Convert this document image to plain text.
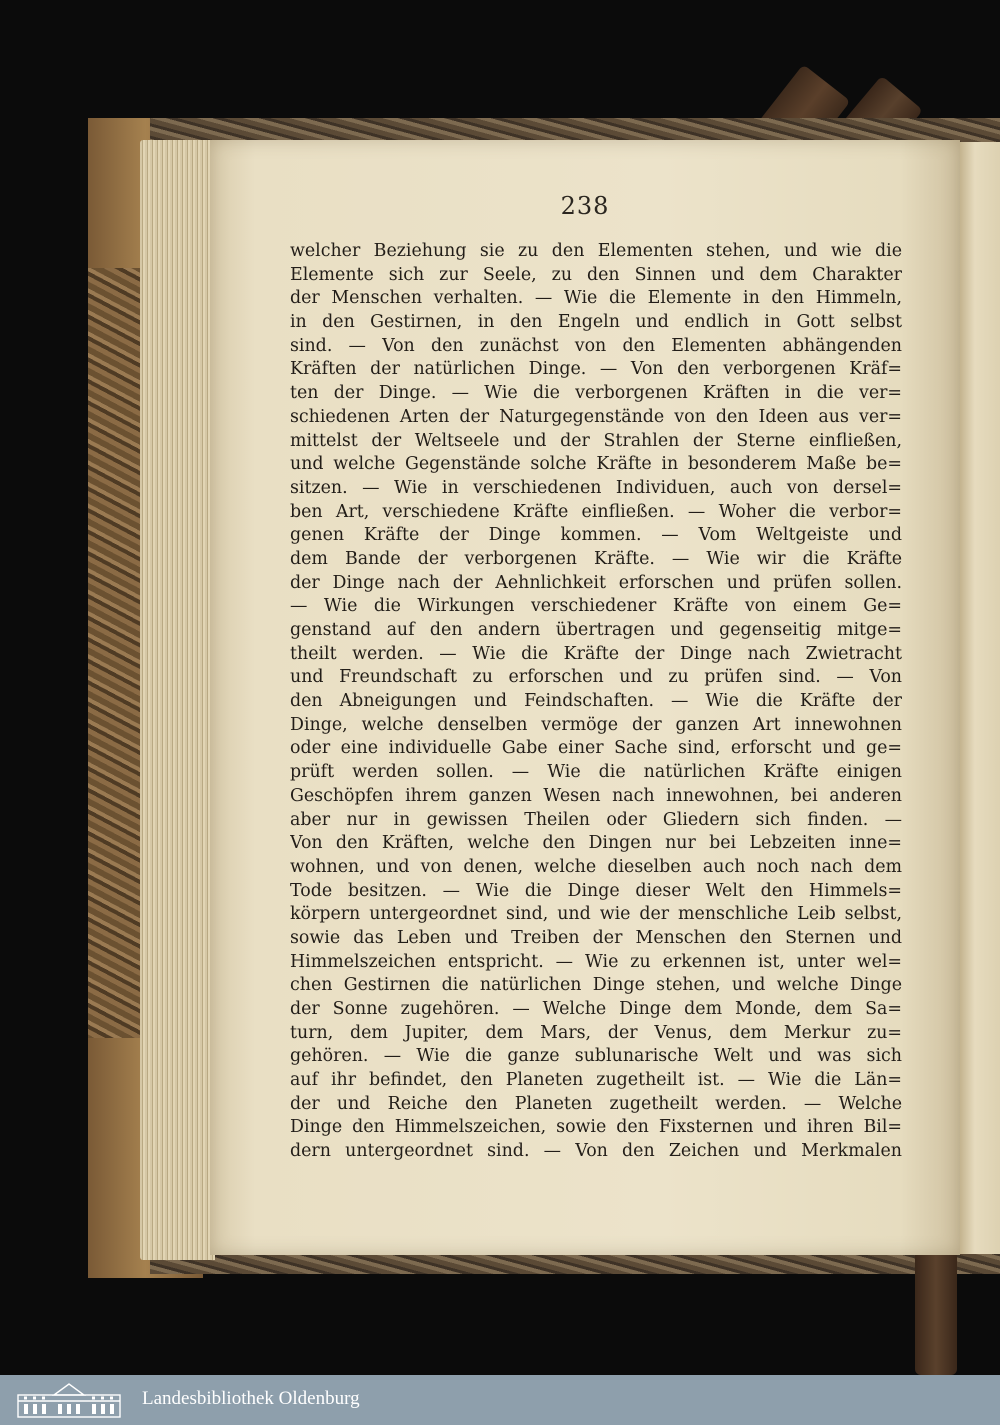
238
welcher Beziehung sie zu den Elementen stehen, und wie die
Elemente sich zur Seele, zu den Sinnen und dem Charakter
der Menschen verhalten. — Wie die Elemente in den Himmeln,
in den Gestirnen, in den Engeln und endlich in Gott selbst
sind. — Von den zunächst von den Elementen abhängenden
Kräften der natürlichen Dinge. — Von den verborgenen Kräf=
ten der Dinge. — Wie die verborgenen Kräften in die ver=
schiedenen Arten der Naturgegenstände von den Ideen aus ver=
mittelst der Weltseele und der Strahlen der Sterne einfließen,
und welche Gegenstände solche Kräfte in besonderem Maße be=
sitzen. — Wie in verschiedenen Individuen, auch von dersel=
ben Art, verschiedene Kräfte einfließen. — Woher die verbor=
genen Kräfte der Dinge kommen. — Vom Weltgeiste und
dem Bande der verborgenen Kräfte. — Wie wir die Kräfte
der Dinge nach der Aehnlichkeit erforschen und prüfen sollen.
— Wie die Wirkungen verschiedener Kräfte von einem Ge=
genstand auf den andern übertragen und gegenseitig mitge=
theilt werden. — Wie die Kräfte der Dinge nach Zwietracht
und Freundschaft zu erforschen und zu prüfen sind. — Von
den Abneigungen und Feindschaften. — Wie die Kräfte der
Dinge, welche denselben vermöge der ganzen Art innewohnen
oder eine individuelle Gabe einer Sache sind, erforscht und ge=
prüft werden sollen. — Wie die natürlichen Kräfte einigen
Geschöpfen ihrem ganzen Wesen nach innewohnen, bei anderen
aber nur in gewissen Theilen oder Gliedern sich finden. —
Von den Kräften, welche den Dingen nur bei Lebzeiten inne=
wohnen, und von denen, welche dieselben auch noch nach dem
Tode besitzen. — Wie die Dinge dieser Welt den Himmels=
körpern untergeordnet sind, und wie der menschliche Leib selbst,
sowie das Leben und Treiben der Menschen den Sternen und
Himmelszeichen entspricht. — Wie zu erkennen ist, unter wel=
chen Gestirnen die natürlichen Dinge stehen, und welche Dinge
der Sonne zugehören. — Welche Dinge dem Monde, dem Sa=
turn, dem Jupiter, dem Mars, der Venus, dem Merkur zu=
gehören. — Wie die ganze sublunarische Welt und was sich
auf ihr befindet, den Planeten zugetheilt ist. — Wie die Län=
der und Reiche den Planeten zugetheilt werden. — Welche
Dinge den Himmelszeichen, sowie den Fixsternen und ihren Bil=
dern untergeordnet sind. — Von den Zeichen und Merkmalen
Landesbibliothek Oldenburg
